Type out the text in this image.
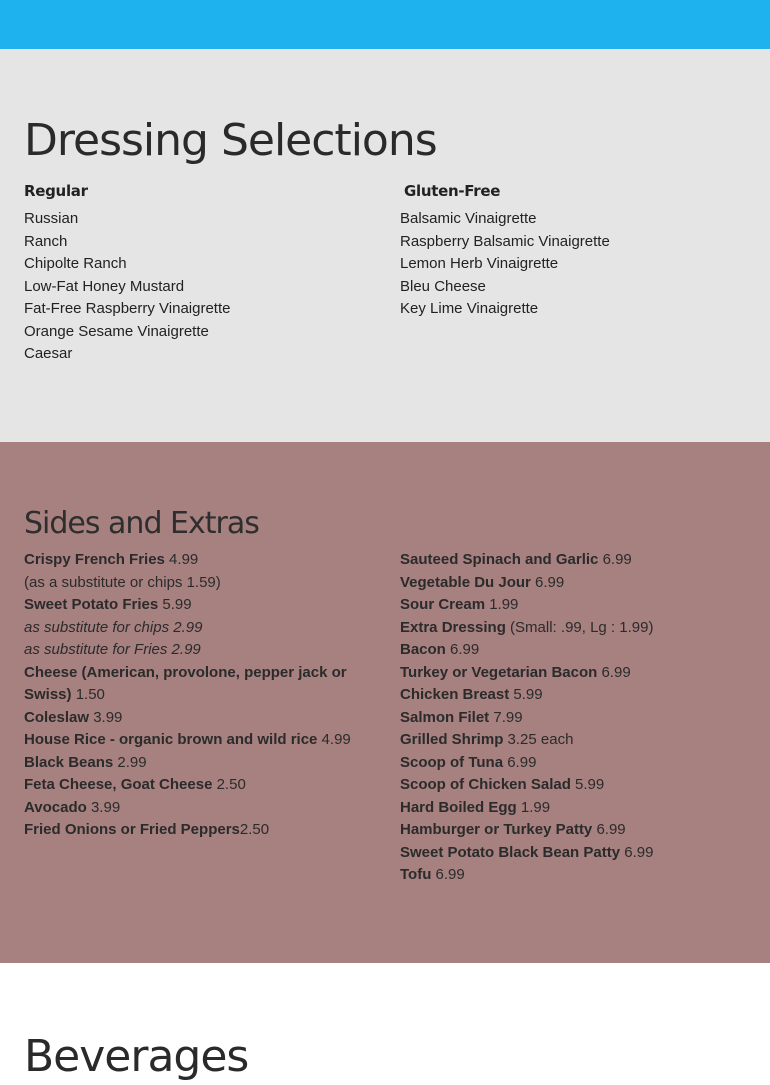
Dressing Selections
Regular
Russian
Ranch
Chipolte Ranch
Low-Fat Honey Mustard
Fat-Free Raspberry Vinaigrette
Orange Sesame Vinaigrette
Caesar
Gluten-Free
Balsamic Vinaigrette
Raspberry Balsamic Vinaigrette
Lemon Herb Vinaigrette
Bleu Cheese
Key Lime Vinaigrette
Sides and Extras
Crispy French Fries 4.99
(as a substitute or chips 1.59)
Sweet Potato Fries 5.99
as substitute for chips 2.99
as substitute for Fries 2.99
Cheese (American, provolone, pepper jack or Swiss) 1.50
Coleslaw 3.99
House Rice - organic brown and wild rice 4.99
Black Beans 2.99
Feta Cheese, Goat Cheese 2.50
Avocado 3.99
Fried Onions or Fried Peppers2.50
Sauteed Spinach and Garlic 6.99
Vegetable Du Jour 6.99
Sour Cream 1.99
Extra Dressing (Small: .99, Lg : 1.99)
Bacon 6.99
Turkey or Vegetarian Bacon 6.99
Chicken Breast 5.99
Salmon Filet 7.99
Grilled Shrimp 3.25 each
Scoop of Tuna 6.99
Scoop of Chicken Salad 5.99
Hard Boiled Egg 1.99
Hamburger or Turkey Patty 6.99
Sweet Potato Black Bean Patty 6.99
Tofu 6.99
Beverages
